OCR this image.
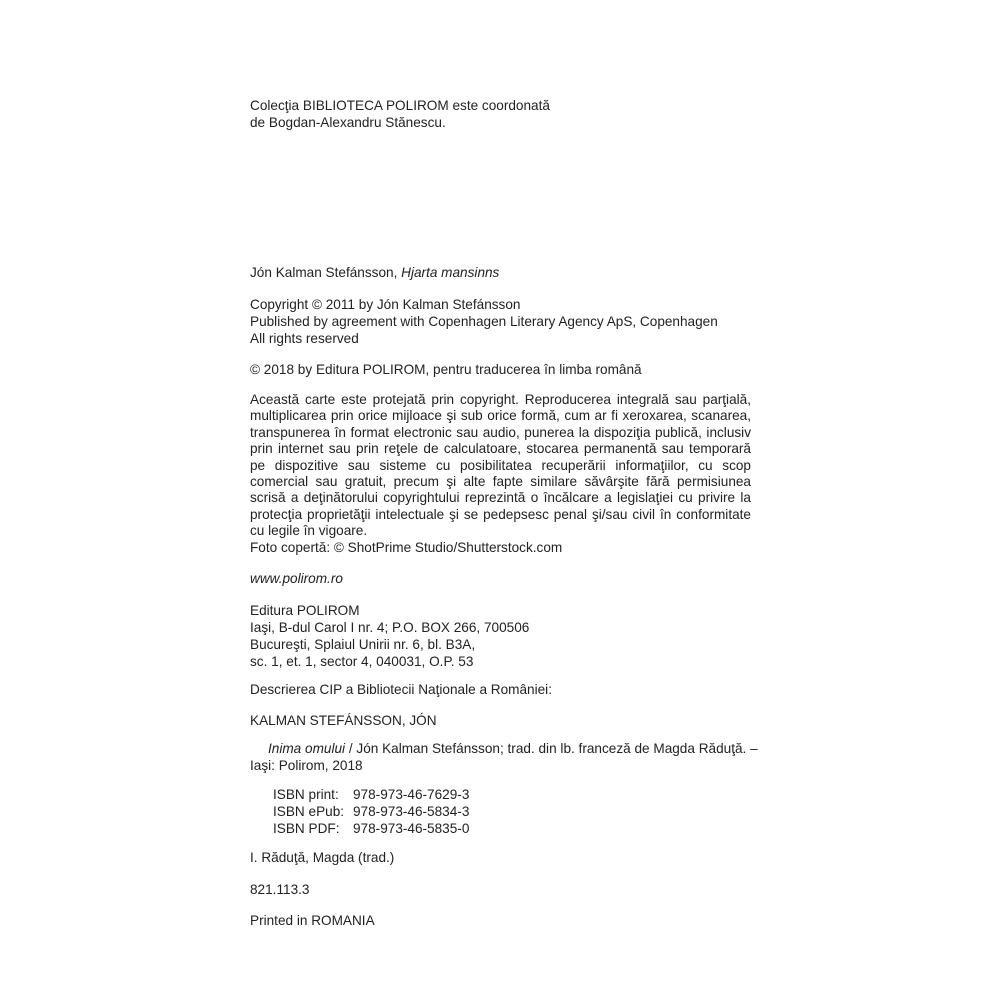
Colecţia BIBLIOTECA POLIROM este coordonată
de Bogdan-Alexandru Stănescu.
Jón Kalman Stefánsson, Hjarta mansinns
Copyright © 2011 by Jón Kalman Stefánsson
Published by agreement with Copenhagen Literary Agency ApS, Copenhagen
All rights reserved
© 2018 by Editura POLIROM, pentru traducerea în limba română
Această carte este protejată prin copyright. Reproducerea integrală sau parţială, multiplicarea prin orice mijloace şi sub orice formă, cum ar fi xeroxarea, scanarea, transpunerea în format electronic sau audio, punerea la dispoziţia publică, inclusiv prin internet sau prin reţele de calculatoare, stocarea permanentă sau temporară pe dispozitive sau sisteme cu posibilitatea recuperării informaţiilor, cu scop comercial sau gratuit, precum şi alte fapte similare săvârşite fără permisiunea scrisă a deţinătorului copyrightului reprezintă o încălcare a legislaţiei cu privire la protecţia proprietăţii intelectuale şi se pedepsesc penal şi/sau civil în conformitate cu legile în vigoare.
Foto copertă: © ShotPrime Studio/Shutterstock.com
www.polirom.ro
Editura POLIROM
Iaşi, B-dul Carol I nr. 4; P.O. BOX 266, 700506
Bucureşti, Splaiul Unirii nr. 6, bl. B3A,
sc. 1, et. 1, sector 4, 040031, O.P. 53
Descrierea CIP a Bibliotecii Naţionale a României:
KALMAN STEFÁNSSON, JÓN
Inima omului / Jón Kalman Stefánsson; trad. din lb. franceză de Magda Răduţă. –
Iaşi: Polirom, 2018
ISBN print:	978-973-46-7629-3
ISBN ePub: 978-973-46-5834-3
ISBN PDF: 978-973-46-5835-0
I. Răduţă, Magda (trad.)
821.113.3
Printed in ROMANIA
